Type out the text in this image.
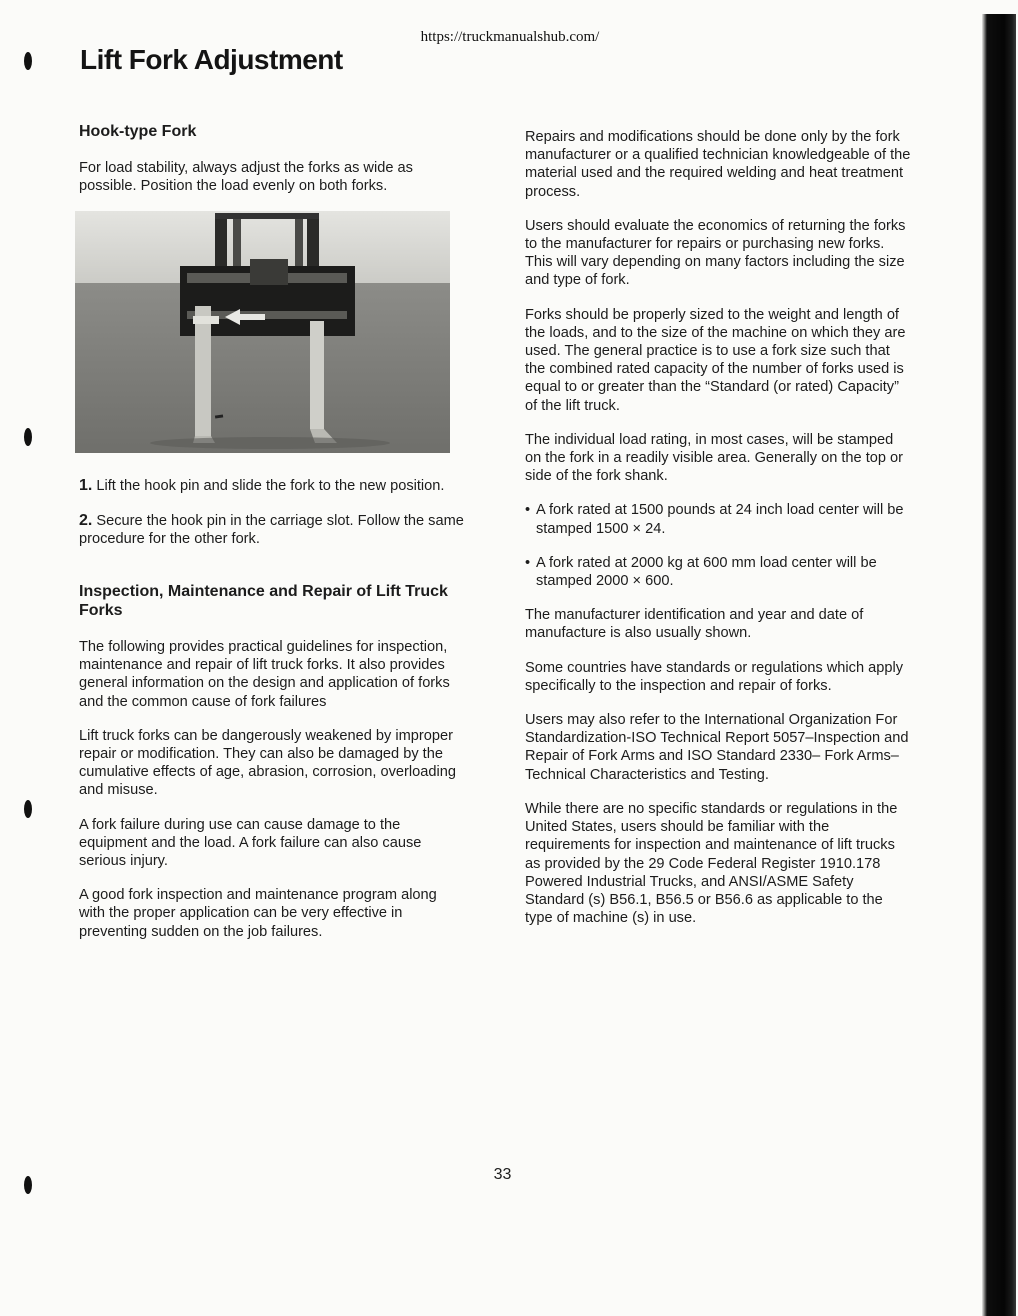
https://truckmanualshub.com/
Lift Fork Adjustment
Hook-type Fork

For load stability, always adjust the forks as wide as possible. Position the load evenly on both forks.

1. Lift the hook pin and slide the fork to the new position.

2. Secure the hook pin in the carriage slot. Follow the same procedure for the other fork.

Inspection, Maintenance and Repair of Lift Truck Forks

The following provides practical guidelines for inspection, maintenance and repair of lift truck forks. It also provides general information on the design and application of forks and the common cause of fork failures

Lift truck forks can be dangerously weakened by improper repair or modification. They can also be damaged by the cumulative effects of age, abrasion, corrosion, overloading and misuse.

A fork failure during use can cause damage to the equipment and the load. A fork failure can also cause serious injury.

A good fork inspection and maintenance program along with the proper application can be very effective in preventing sudden on the job failures.

Repairs and modifications should be done only by the fork manufacturer or a qualified technician knowledgeable of the material used and the required welding and heat treatment process.

Users should evaluate the economics of returning the forks to the manufacturer for repairs or purchasing new forks. This will vary depending on many factors including the size and type of fork.

Forks should be properly sized to the weight and length of the loads, and to the size of the machine on which they are used. The general practice is to use a fork size such that the combined rated capacity of the number of forks used is equal to or greater than the “Standard (or rated) Capacity” of the lift truck.

The individual load rating, in most cases, will be stamped on the fork in a readily visible area. Generally on the top or side of the fork shank.

• A fork rated at 1500 pounds at 24 inch load center will be stamped 1500 × 24.
• A fork rated at 2000 kg at 600 mm load center will be stamped 2000 × 600.

The manufacturer identification and year and date of manufacture is also usually shown.

Some countries have standards or regulations which apply specifically to the inspection and repair of forks.

Users may also refer to the International Organization For Standardization-ISO Technical Report 5057–Inspection and Repair of Fork Arms and ISO Standard 2330– Fork Arms–Technical Characteristics and Testing.

While there are no specific standards or regulations in the United States, users should be familiar with the requirements for inspection and maintenance of lift trucks as provided by the 29 Code Federal Register 1910.178 Powered Industrial Trucks, and ANSI/ASME Safety Standard (s) B56.1, B56.5 or B56.6 as applicable to the type of machine (s) in use.

33
